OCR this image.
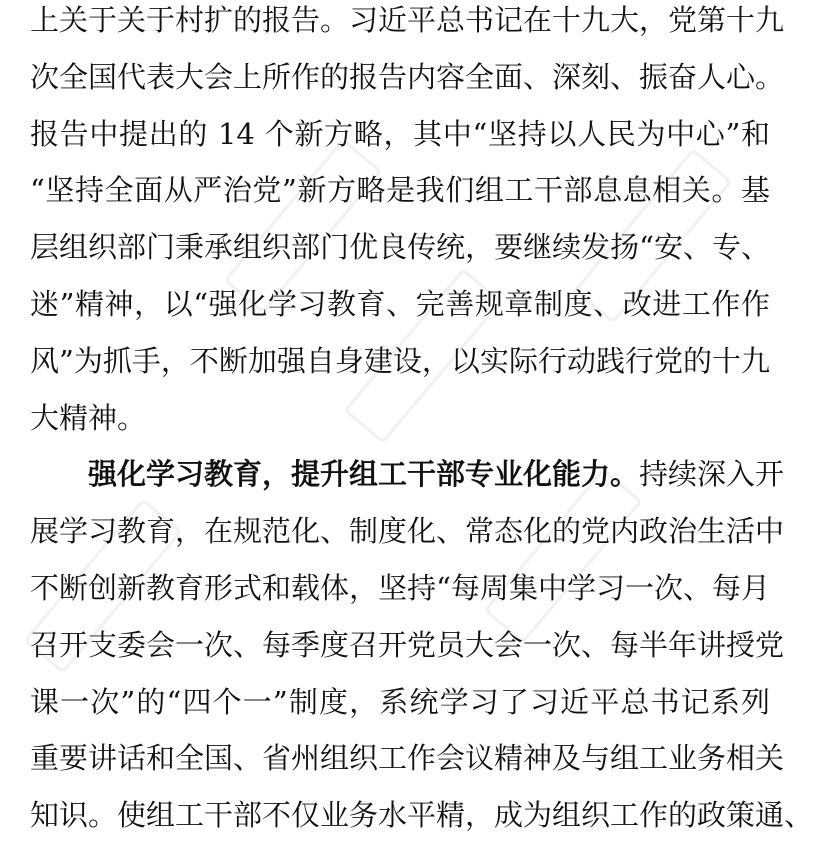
上关于关于村扩的报告。习近平总书记在十九大，党第十九
次全国代表大会上所作的报告内容全面、深刻、振奋人心。
报告中提出的 14 个新方略，其中“坚持以人民为中心”和
“坚持全面从严治党”新方略是我们组工干部息息相关。基
层组织部门秉承组织部门优良传统，要继续发扬“安、专、
迷”精神，以“强化学习教育、完善规章制度、改进工作作
风”为抓手，不断加强自身建设，以实际行动践行党的十九
大精神。
强化学习教育，提升组工干部专业化能力。持续深入开
展学习教育，在规范化、制度化、常态化的党内政治生活中
不断创新教育形式和载体，坚持“每周集中学习一次、每月
召开支委会一次、每季度召开党员大会一次、每半年讲授党
课一次”的“四个一”制度，系统学习了习近平总书记系列
重要讲话和全国、省州组织工作会议精神及与组工业务相关
知识。使组工干部不仅业务水平精，成为组织工作的政策通、
